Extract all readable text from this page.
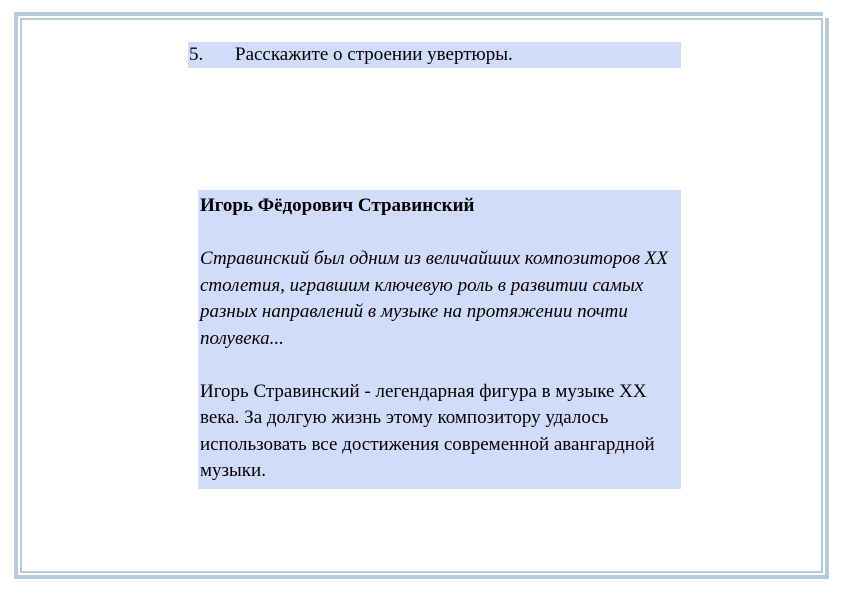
5. Расскажите о строении увертюры.

Игорь Фёдорович Стравинский

Стравинский был одним из величайших композиторов XX столетия, игравшим ключевую роль в развитии самых разных направлений в музыке на протяжении почти полувека...

Игорь Стравинский - легендарная фигура в музыке XX века. За долгую жизнь этому композитору удалось использовать все достижения современной авангардной музыки.
